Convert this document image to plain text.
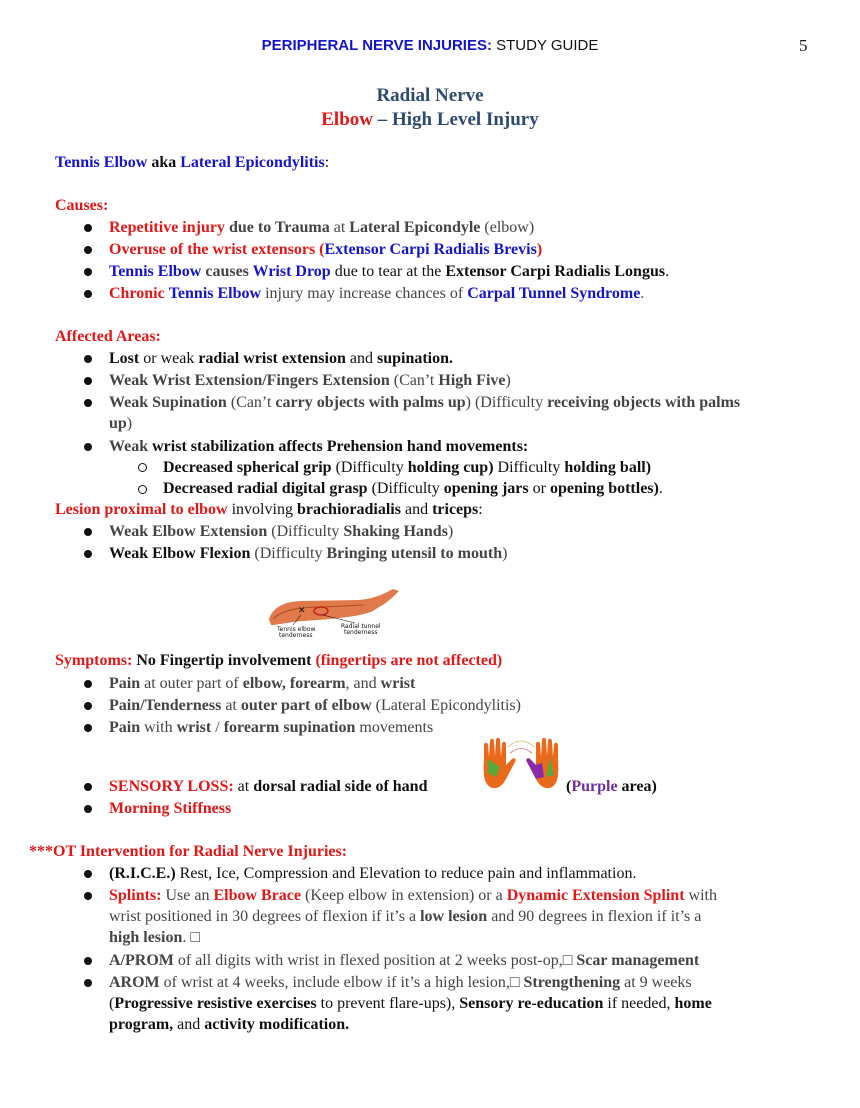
PERIPHERAL NERVE INJURIES: STUDY GUIDE	5
Radial Nerve
Elbow – High Level Injury
Tennis Elbow aka Lateral Epicondylitis:
Causes:
Repetitive injury due to Trauma at Lateral Epicondyle (elbow)
Overuse of the wrist extensors (Extensor Carpi Radialis Brevis)
Tennis Elbow causes Wrist Drop due to tear at the Extensor Carpi Radialis Longus.
Chronic Tennis Elbow injury may increase chances of Carpal Tunnel Syndrome.
Affected Areas:
Lost or weak radial wrist extension and supination.
Weak Wrist Extension/Fingers Extension (Can’t High Five)
Weak Supination (Can’t carry objects with palms up) (Difficulty receiving objects with palms
up)
Weak wrist stabilization affects Prehension hand movements:
Decreased spherical grip (Difficulty holding cup) Difficulty holding ball)
Decreased radial digital grasp (Difficulty opening jars or opening bottles).
Lesion proximal to elbow involving brachioradialis and triceps:
Weak Elbow Extension (Difficulty Shaking Hands)
Weak Elbow Flexion (Difficulty Bringing utensil to mouth)
✕
Tennis elbow
tenderness
Radial tunnel
tenderness
Symptoms: No Fingertip involvement (fingertips are not affected)
Pain at outer part of elbow, forearm, and wrist
Pain/Tenderness at outer part of elbow (Lateral Epicondylitis)
Pain with wrist / forearm supination movements
SENSORY LOSS: at dorsal radial side of hand	(Purple area)
Morning Stiffness
***OT Intervention for Radial Nerve Injuries:
(R.I.C.E.) Rest, Ice, Compression and Elevation to reduce pain and inflammation.
Splints: Use an Elbow Brace (Keep elbow in extension) or a Dynamic Extension Splint with
wrist positioned in 30 degrees of flexion if it’s a low lesion and 90 degrees in flexion if it’s a
high lesion. □
A/PROM of all digits with wrist in flexed position at 2 weeks post-op,□ Scar management
AROM of wrist at 4 weeks, include elbow if it’s a high lesion,□ Strengthening at 9 weeks
(Progressive resistive exercises to prevent flare-ups), Sensory re-education if needed, home
program, and activity modification.
